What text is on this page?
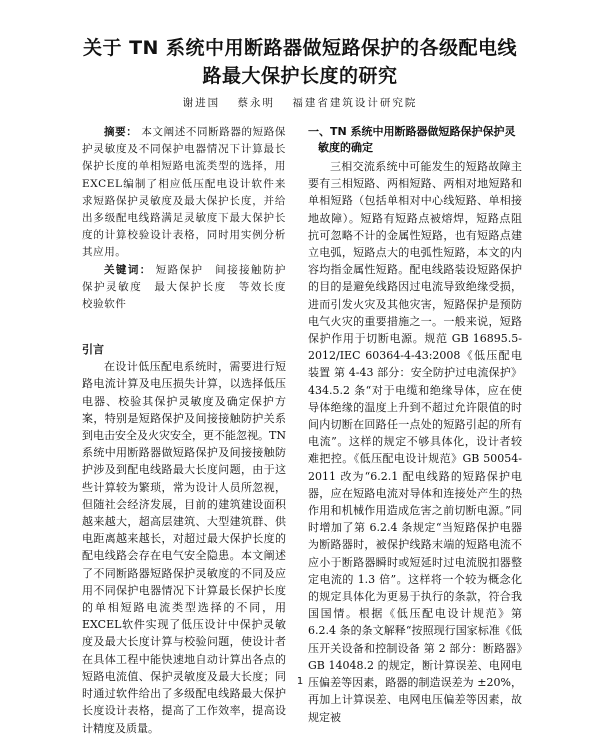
关于 TN 系统中用断路器做短路保护的各级配电线
路最大保护长度的研究
谢进国 蔡永明 福建省建筑设计研究院

摘要： 本文阐述不同断路器的短路保护灵敏度及不同保护电器情况下计算最长保护长度的单相短路电流类型的选择，用EXCEL编制了相应低压配电设计软件来求短路保护灵敏度及最大保护长度，并给出多级配电线路满足灵敏度下最大保护长度的计算校验设计表格，同时用实例分析其应用。

关键词： 短路保护　间接接触防护　保护灵敏度　最大保护长度　等效长度　校验软件

引言

在设计低压配电系统时，需要进行短路电流计算及电压损失计算，以选择低压电器、校验其保护灵敏度及确定保护方案，特别是短路保护及间接接触防护关系到电击安全及火灾安全，更不能忽视。TN系统中用断路器做短路保护及间接接触防护涉及到配电线路最大长度问题，由于这些计算较为繁琐，常为设计人员所忽视，但随社会经济发展，目前的建筑建设面积越来越大，超高层建筑、大型建筑群、供电距离越来越长，对超过最大保护长度的配电线路会存在电气安全隐患。本文阐述了不同断路器短路保护灵敏度的不同及应用不同保护电器情况下计算最长保护长度的单相短路电流类型选择的不同，用EXCEL软件实现了低压设计中保护灵敏度及最大长度计算与校验问题，使设计者在具体工程中能快速地自动计算出各点的短路电流值、保护灵敏度及最大长度；同时通过软件给出了多级配电线路最大保护长度设计表格，提高了工作效率，提高设计精度及质量。

一、TN 系统中用断路器做短路保护保护灵敏度的确定

三相交流系统中可能发生的短路故障主要有三相短路、两相短路、两相对地短路和单相短路（包括单相对中心线短路、单相接地故障）。短路有短路点被熔焊，短路点阻抗可忽略不计的金属性短路，也有短路点建立电弧，短路点大的电弧性短路，本文的内容均指金属性短路。配电线路装设短路保护的目的是避免线路因过电流导致绝缘受损，进而引发火灾及其他灾害，短路保护是预防电气火灾的重要措施之一。一般来说，短路保护作用于切断电源。规范 GB 16895.5-2012/IEC 60364-4-43:2008《低压配电装置 第 4-43 部分：安全防护过电流保护》434.5.2 条“对于电缆和绝缘导体，应在使导体绝缘的温度上升到不超过允许限值的时间内切断在回路任一点处的短路引起的所有电流”。这样的规定不够具体化，设计者较难把控。《低压配电设计规范》GB 50054-2011 改为“6.2.1 配电线路的短路保护电器，应在短路电流对导体和连接处产生的热作用和机械作用造成危害之前切断电源。”同时增加了第 6.2.4 条规定“当短路保护电器为断路器时，被保护线路末端的短路电流不应小于断路器瞬时或短延时过电流脱扣器整定电流的 1.3 倍”。这样将一个较为概念化的规定具体化为更易于执行的条款，符合我国国情。根据《低压配电设计规范》第 6.2.4 条的条文解释“按照现行国家标准《低压开关设备和控制设备 第 2 部分：断路器》GB 14048.2 的规定，断计算误差、电网电压偏差等因素，路器的制造误差为 ±20%，再加上计算误差、电网电压偏差等因素，故规定被

1
